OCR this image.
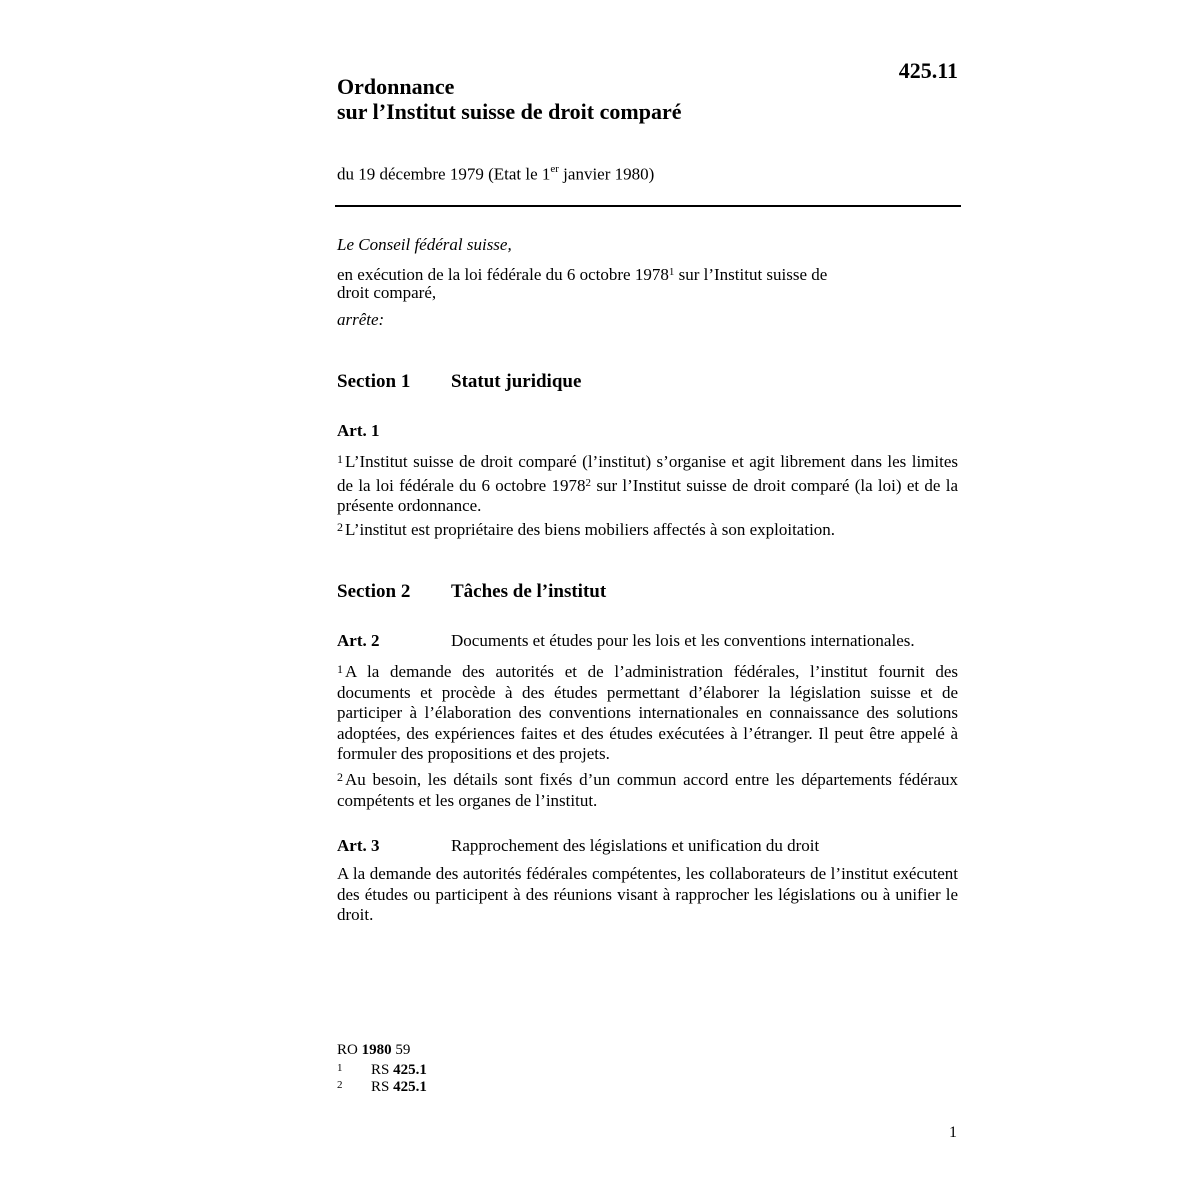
425.11
Ordonnance
sur l’Institut suisse de droit comparé
du 19 décembre 1979 (Etat le 1er janvier 1980)
Le Conseil fédéral suisse,
en exécution de la loi fédérale du 6 octobre 1978$^1$ sur l’Institut suisse de
droit comparé,
arrête:
Section 1 Statut juridique
Art. 1
$^1$ L’Institut suisse de droit comparé (l’institut) s’organise et agit librement dans les limites de la loi fédérale du 6 octobre 1978$^2$ sur l’Institut suisse de droit comparé (la loi) et de la présente ordonnance.
$^2$ L’institut est propriétaire des biens mobiliers affectés à son exploitation.
Section 2 Tâches de l’institut
Art. 2	Documents et études pour les lois et les conventions internationales.
$^1$ A la demande des autorités et de l’administration fédérales, l’institut fournit des documents et procède à des études permettant d’élaborer la législation suisse et de participer à l’élaboration des conventions internationales en connaissance des solutions adoptées, des expériences faites et des études exécutées à l’étranger. Il peut être appelé à formuler des propositions et des projets.
$^2$ Au besoin, les détails sont fixés d’un commun accord entre les départements fédéraux compétents et les organes de l’institut.
Art. 3	Rapprochement des législations et unification du droit
A la demande des autorités fédérales compétentes, les collaborateurs de l’institut exécutent des études ou participent à des réunions visant à rapprocher les législations ou à unifier le droit.
RO 1980 59
1 RS 425.1
2 RS 425.1
1
